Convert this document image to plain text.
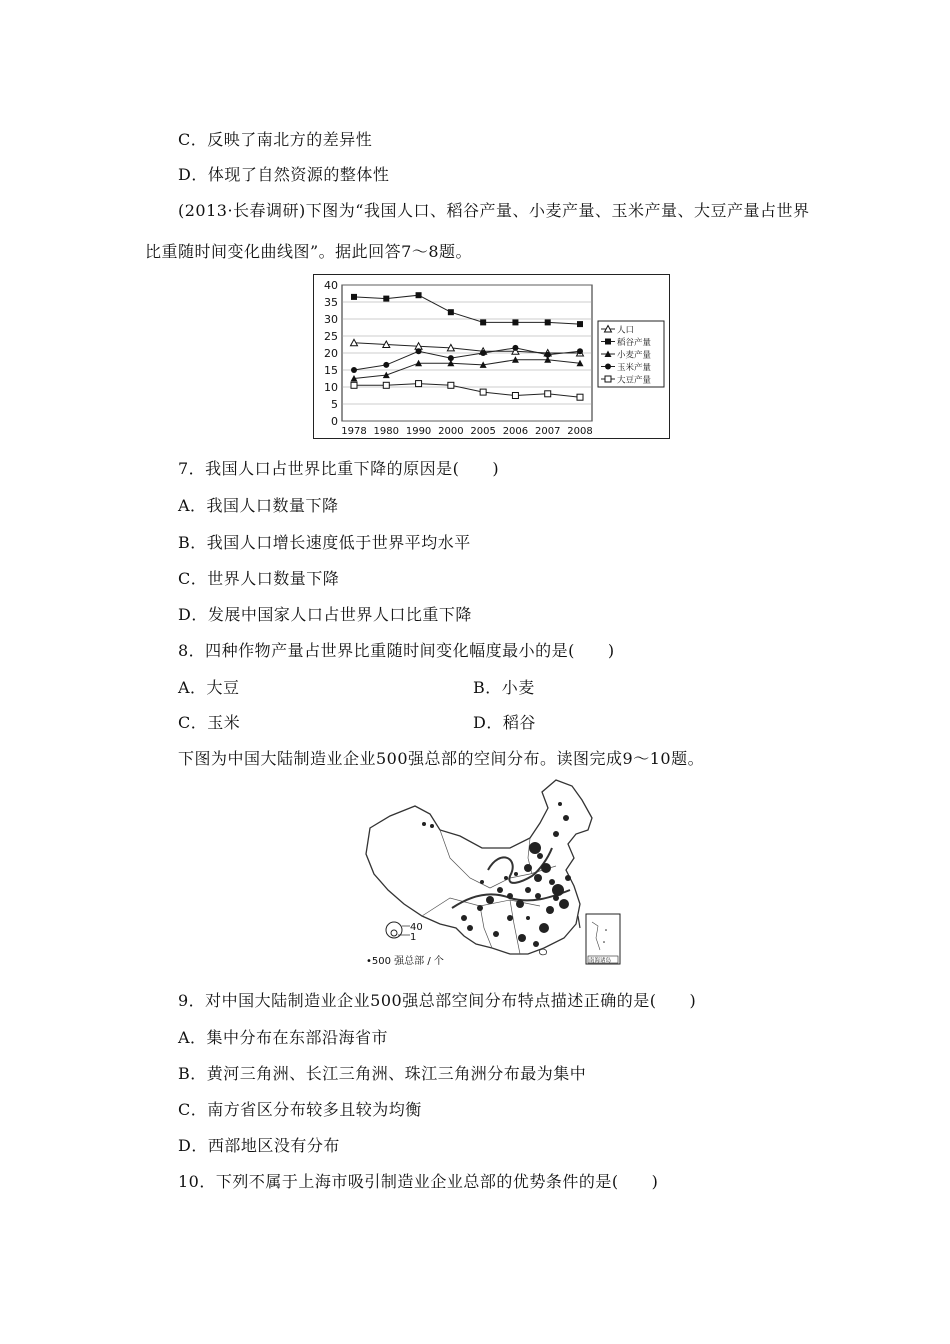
C．反映了南北方的差异性
D．体现了自然资源的整体性
(2013·长春调研)下图为“我国人口、稻谷产量、小麦产量、玉米产量、大豆产量占世界
比重随时间变化曲线图”。据此回答7～8题。
0
5
10
15
20
25
30
35
40
1978 1980 1990 2000 2005 2006 2007 2008
人口
稻谷产量
小麦产量
玉米产量
大豆产量
7．我国人口占世界比重下降的原因是(　　)
A．我国人口数量下降
B．我国人口增长速度低于世界平均水平
C．世界人口数量下降
D．发展中国家人口占世界人口比重下降
8．四种作物产量占世界比重随时间变化幅度最小的是(　　)
A．大豆	B．小麦
C．玉米	D．稻谷
下图为中国大陆制造业企业500强总部的空间分布。读图完成9～10题。
40
1
•500 强总部 / 个	南海诸岛
9．对中国大陆制造业企业500强总部空间分布特点描述正确的是(　　)
A．集中分布在东部沿海省市
B．黄河三角洲、长江三角洲、珠江三角洲分布最为集中
C．南方省区分布较多且较为均衡
D．西部地区没有分布
10．下列不属于上海市吸引制造业企业总部的优势条件的是(　　)
